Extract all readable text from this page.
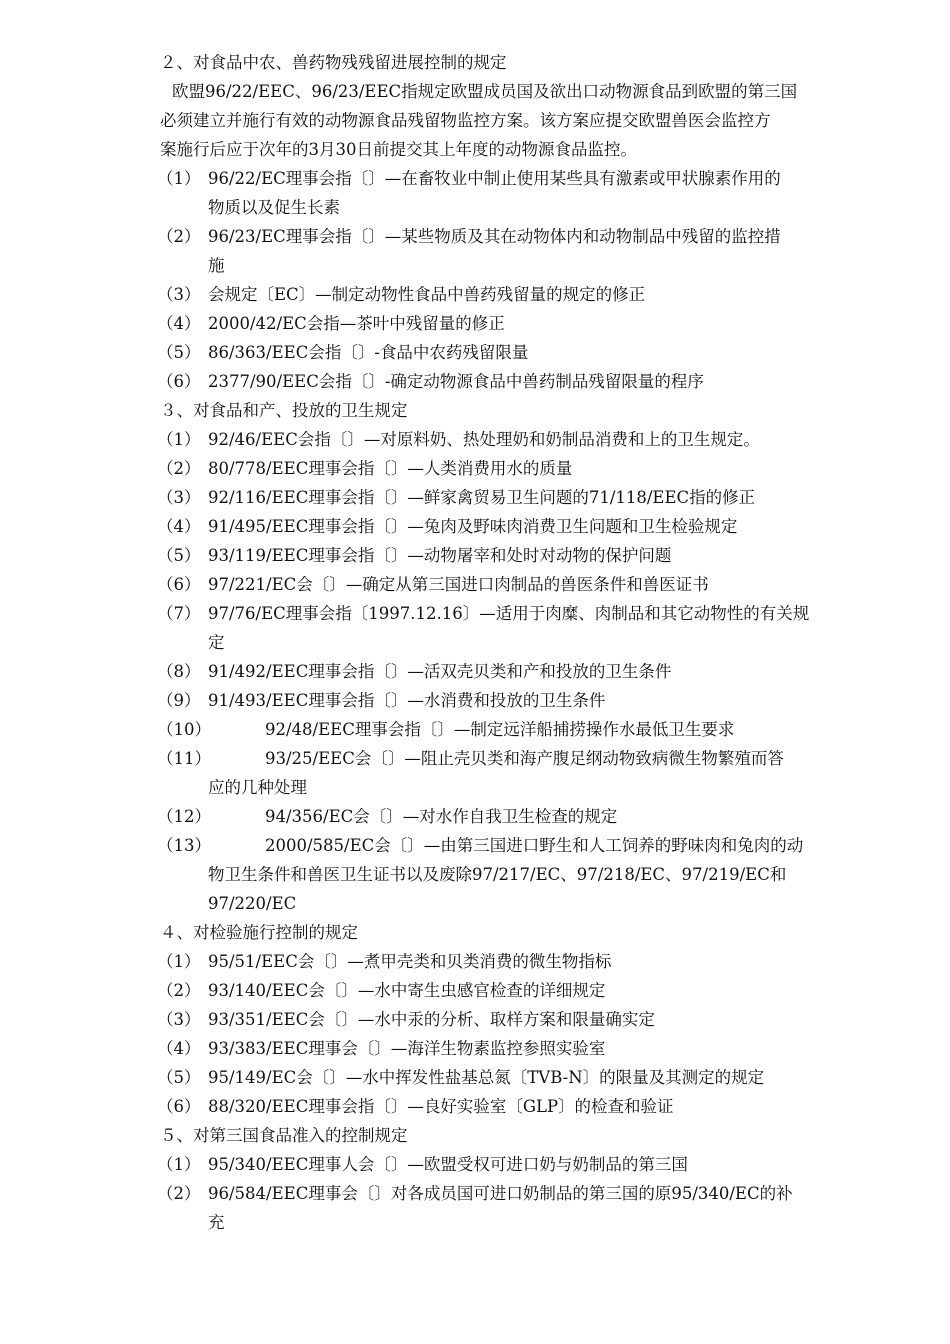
２、对食品中农、兽药物残残留进展控制的规定
欧盟96/22/EEC、96/23/EEC指规定欧盟成员国及欲出口动物源食品到欧盟的第三国
必须建立并施行有效的动物源食品残留物监控方案。该方案应提交欧盟兽医会监控方
案施行后应于次年的3月30日前提交其上年度的动物源食品监控。
（1） 96/22/EC理事会指〔〕—在畜牧业中制止使用某些具有激素或甲状腺素作用的
物质以及促生长素
（2） 96/23/EC理事会指〔〕—某些物质及其在动物体内和动物制品中残留的监控措
施
（3） 会规定〔EC〕—制定动物性食品中兽药残留量的规定的修正
（4） 2000/42/EC会指—茶叶中残留量的修正
（5） 86/363/EEC会指〔〕-食品中农药残留限量
（6） 2377/90/EEC会指〔〕-确定动物源食品中兽药制品残留限量的程序
３、对食品和产、投放的卫生规定
（1） 92/46/EEC会指〔〕—对原料奶、热处理奶和奶制品消费和上的卫生规定。
（2） 80/778/EEC理事会指〔〕—人类消费用水的质量
（3） 92/116/EEC理事会指〔〕—鲜家禽贸易卫生问题的71/118/EEC指的修正
（4） 91/495/EEC理事会指〔〕—兔肉及野味肉消费卫生问题和卫生检验规定
（5） 93/119/EEC理事会指〔〕—动物屠宰和处时对动物的保护问题
（6） 97/221/EC会〔〕—确定从第三国进口肉制品的兽医条件和兽医证书
（7） 97/76/EC理事会指〔1997.12.16〕—适用于肉糜、肉制品和其它动物性的有关规
定
（8） 91/492/EEC理事会指〔〕—活双壳贝类和产和投放的卫生条件
（9） 91/493/EEC理事会指〔〕—水消费和投放的卫生条件
（10）	92/48/EEC理事会指〔〕—制定远洋船捕捞操作水最低卫生要求
（11）	93/25/EEC会〔〕—阻止壳贝类和海产腹足纲动物致病微生物繁殖而答
应的几种处理
（12）	94/356/EC会〔〕—对水作自我卫生检查的规定
（13）	2000/585/EC会〔〕—由第三国进口野生和人工饲养的野味肉和兔肉的动
物卫生条件和兽医卫生证书以及废除97/217/EC、97/218/EC、97/219/EC和
97/220/EC
４、对检验施行控制的规定
（1） 95/51/EEC会〔〕—煮甲壳类和贝类消费的微生物指标
（2） 93/140/EEC会〔〕—水中寄生虫感官检查的详细规定
（3） 93/351/EEC会〔〕—水中汞的分析、取样方案和限量确实定
（4） 93/383/EEC理事会〔〕—海洋生物素监控参照实验室
（5） 95/149/EC会〔〕—水中挥发性盐基总氮〔TVB-N〕的限量及其测定的规定
（6） 88/320/EEC理事会指〔〕—良好实验室〔GLP〕的检查和验证
５、对第三国食品准入的控制规定
（1） 95/340/EEC理事人会〔〕—欧盟受权可进口奶与奶制品的第三国
（2） 96/584/EEC理事会〔〕对各成员国可进口奶制品的第三国的原95/340/EC的补
充
